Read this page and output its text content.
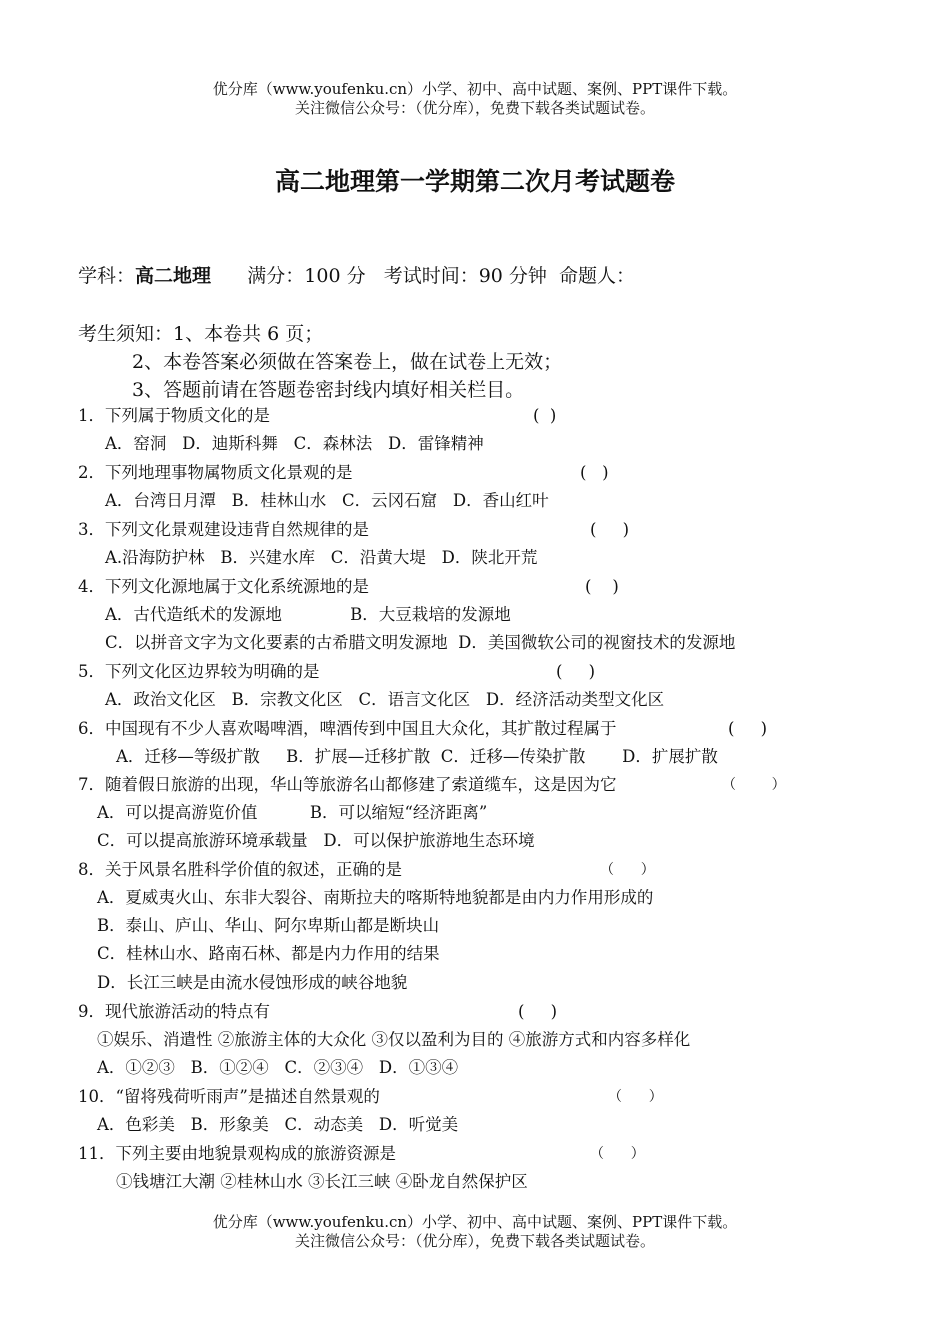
优分库（www.youfenku.cn）小学、初中、高中试题、案例、PPT课件下载。
关注微信公众号：（优分库），免费下载各类试题试卷。
高二地理第一学期第二次月考试题卷
学科：高二地理      满分：100 分   考试时间：90 分钟  命题人：
考生须知：1、本卷共 6 页；
2、本卷答案必须做在答案卷上，做在试卷上无效；
3、答题前请在答题卷密封线内填好相关栏目。
1．下列属于物质文化的是	(  )
A．窑洞   D．迪斯科舞   C．森林法   D．雷锋精神
2．下列地理事物属物质文化景观的是	(   )
A．台湾日月潭   B．桂林山水   C．云冈石窟   D．香山红叶
3．下列文化景观建设违背自然规律的是	(     )
A.沿海防护林   B．兴建水库   C．沿黄大堤   D．陕北开荒
4．下列文化源地属于文化系统源地的是	(    )
A．古代造纸术的发源地             B．大豆栽培的发源地
C．以拼音文字为文化要素的古希腊文明发源地  D．美国微软公司的视窗技术的发源地
5．下列文化区边界较为明确的是	(     )
A．政治文化区   B．宗教文化区   C．语言文化区   D．经济活动类型文化区
6．中国现有不少人喜欢喝啤酒，啤酒传到中国且大众化，其扩散过程属于	(     )
A．迁移—等级扩散     B．扩展—迁移扩散  C．迁移—传染扩散       D．扩展扩散
7．随着假日旅游的出现，华山等旅游名山都修建了索道缆车，这是因为它	（        ）
A．可以提高游览价值          B．可以缩短“经济距离”
C．可以提高旅游环境承载量   D．可以保护旅游地生态环境
8．关于风景名胜科学价值的叙述，正确的是	（      ）
A．夏威夷火山、东非大裂谷、南斯拉夫的喀斯特地貌都是由内力作用形成的
B．泰山、庐山、华山、阿尔卑斯山都是断块山
C．桂林山水、路南石林、都是内力作用的结果
D．长江三峡是由流水侵蚀形成的峡谷地貌
9．现代旅游活动的特点有	(     )
①娱乐、消遣性 ②旅游主体的大众化 ③仅以盈利为目的 ④旅游方式和内容多样化
A．①②③   B．①②④   C．②③④   D．①③④
10．“留将残荷听雨声”是描述自然景观的	（      ）
A．色彩美   B．形象美   C．动态美   D．听觉美
11．下列主要由地貌景观构成的旅游资源是	（      ）
①钱塘江大潮 ②桂林山水 ③长江三峡 ④卧龙自然保护区
优分库（www.youfenku.cn）小学、初中、高中试题、案例、PPT课件下载。
关注微信公众号：（优分库），免费下载各类试题试卷。
